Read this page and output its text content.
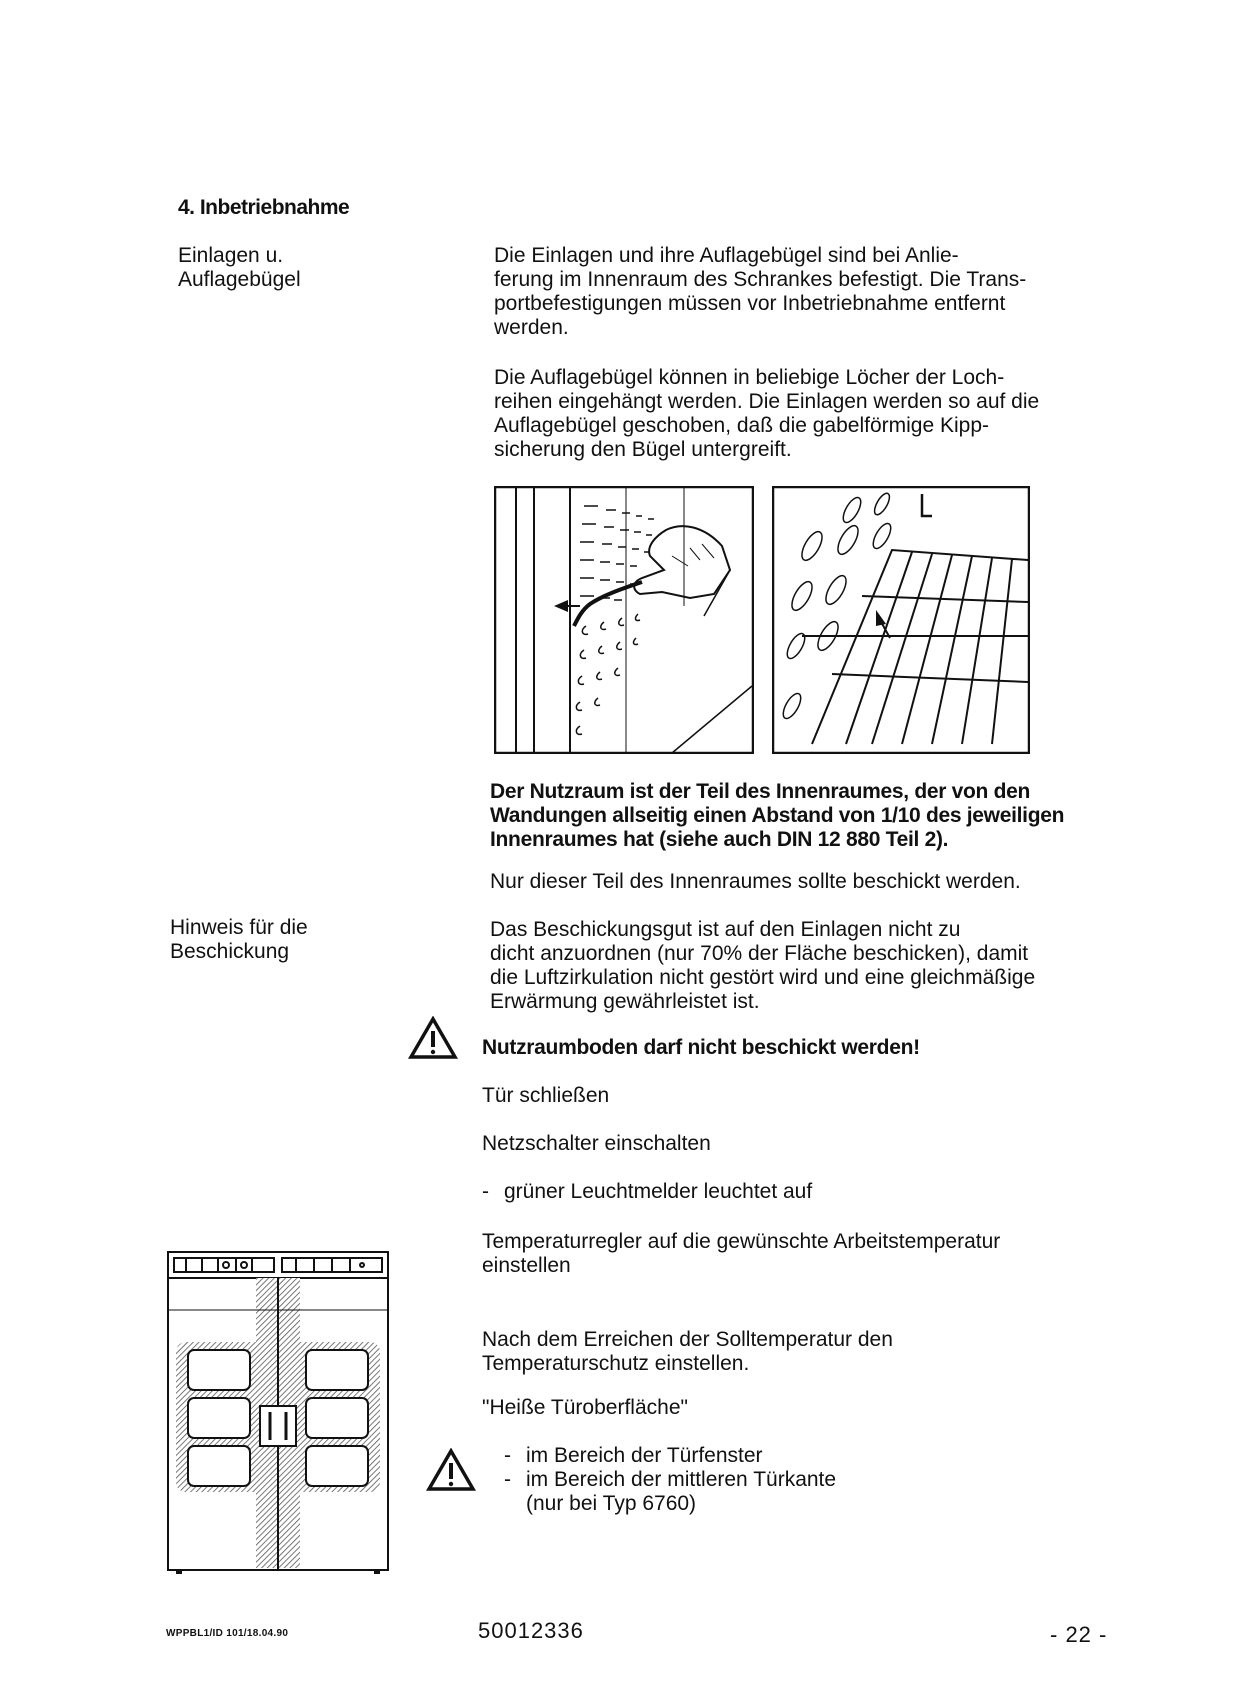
4. Inbetriebnahme
Einlagen u.
Auflagebügel
Die Einlagen und ihre Auflagebügel sind bei Anlie-
ferung im Innenraum des Schrankes befestigt. Die Trans-
portbefestigungen müssen vor Inbetriebnahme entfernt
werden.
Die Auflagebügel können in beliebige Löcher der Loch-
reihen eingehängt werden. Die Einlagen werden so auf die
Auflagebügel geschoben, daß die gabelförmige Kipp-
sicherung den Bügel untergreift.
Der Nutzraum ist der Teil des Innenraumes, der von den
Wandungen allseitig einen Abstand von 1/10 des jeweiligen
Innenraumes hat (siehe auch DIN 12 880 Teil 2).
Nur dieser Teil des Innenraumes sollte beschickt werden.
Hinweis für die
Beschickung
Das Beschickungsgut ist auf den Einlagen nicht zu
dicht anzuordnen (nur 70% der Fläche beschicken), damit
die Luftzirkulation nicht gestört wird und eine gleichmäßige
Erwärmung gewährleistet ist.
Nutzraumboden darf nicht beschickt werden!
Tür schließen
Netzschalter einschalten
- grüner Leuchtmelder leuchtet auf
Temperaturregler auf die gewünschte Arbeitstemperatur
einstellen
Nach dem Erreichen der Solltemperatur den
Temperaturschutz einstellen.
"Heiße Türoberfläche"
- im Bereich der Türfenster
- im Bereich der mittleren Türkante
(nur bei Typ 6760)
WPPBL1/ID 101/18.04.90	50012336	- 22 -
